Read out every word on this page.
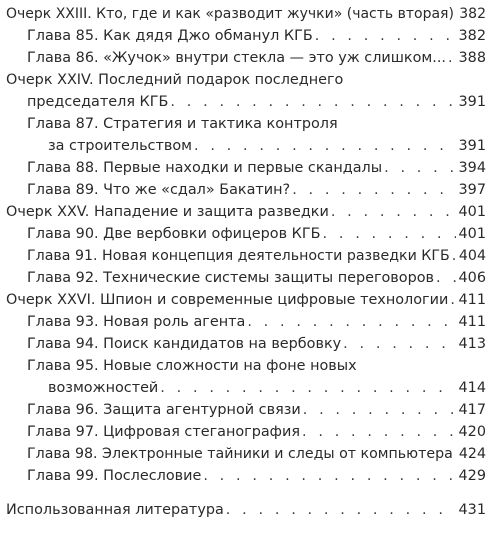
Очерк XXIII. Кто, где и как «разводит жучки» (часть вторая) . . . 382
Глава 85. Как дядя Джо обманул КГБ . . .	382
Глава 86. «Жучок» внутри стекла — это уж слишком... . . . 388
Очерк XXIV. Последний подарок последнего
председателя КГБ . . .	391
Глава 87. Стратегия и тактика контроля
за строительством . . .	391
Глава 88. Первые находки и первые скандалы . . .	394
Глава 89. Что же «сдал» Бакатин? . . .	397
Очерк XXV. Нападение и защита разведки . . .	401
Глава 90. Две вербовки офицеров КГБ . . .	401
Глава 91. Новая концепция деятельности разведки КГБ . . . 404
Глава 92. Технические системы защиты переговоров . . . 406
Очерк XXVI. Шпион и современные цифровые технологии . . . 411
Глава 93. Новая роль агента . . .	411
Глава 94. Поиск кандидатов на вербовку . . .	413
Глава 95. Новые сложности на фоне новых
возможностей . . .	414
Глава 96. Защита агентурной связи . . .	417
Глава 97. Цифровая стеганография . . .	420
Глава 98. Электронные тайники и следы от компьютера . . . 424
Глава 99. Послесловие . . .	429
Использованная литература . . .	431
